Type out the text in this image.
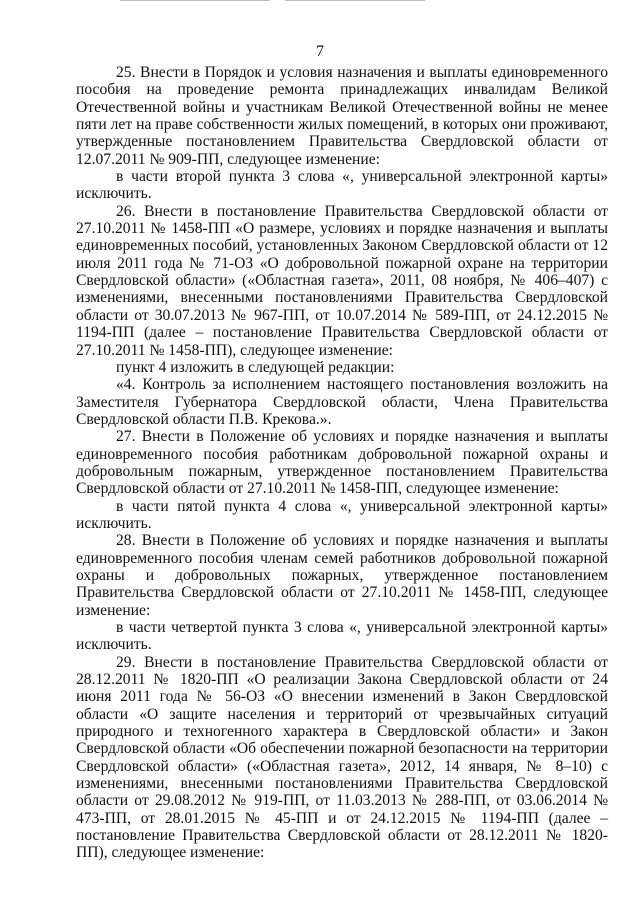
7

25. Внести в Порядок и условия назначения и выплаты единовременного пособия на проведение ремонта принадлежащих инвалидам Великой Отечественной войны и участникам Великой Отечественной войны не менее пяти лет на праве собственности жилых помещений, в которых они проживают, утвержденные постановлением Правительства Свердловской области от 12.07.2011 № 909-ПП, следующее изменение:

в части второй пункта 3 слова «, универсальной электронной карты» исключить.

26. Внести в постановление Правительства Свердловской области от 27.10.2011 № 1458-ПП «О размере, условиях и порядке назначения и выплаты единовременных пособий, установленных Законом Свердловской области от 12 июля 2011 года № 71-ОЗ «О добровольной пожарной охране на территории Свердловской области» («Областная газета», 2011, 08 ноября, № 406–407) с изменениями, внесенными постановлениями Правительства Свердловской области от 30.07.2013 № 967-ПП, от 10.07.2014 № 589-ПП, от 24.12.2015 № 1194-ПП (далее – постановление Правительства Свердловской области от 27.10.2011 № 1458-ПП), следующее изменение:

пункт 4 изложить в следующей редакции:

«4. Контроль за исполнением настоящего постановления возложить на Заместителя Губернатора Свердловской области, Члена Правительства Свердловской области П.В. Крекова.».

27. Внести в Положение об условиях и порядке назначения и выплаты единовременного пособия работникам добровольной пожарной охраны и добровольным пожарным, утвержденное постановлением Правительства Свердловской области от 27.10.2011 № 1458-ПП, следующее изменение:

в части пятой пункта 4 слова «, универсальной электронной карты» исключить.

28. Внести в Положение об условиях и порядке назначения и выплаты единовременного пособия членам семей работников добровольной пожарной охраны и добровольных пожарных, утвержденное постановлением Правительства Свердловской области от 27.10.2011 № 1458-ПП, следующее изменение:

в части четвертой пункта 3 слова «, универсальной электронной карты» исключить.

29. Внести в постановление Правительства Свердловской области от 28.12.2011 № 1820-ПП «О реализации Закона Свердловской области от 24 июня 2011 года № 56-ОЗ «О внесении изменений в Закон Свердловской области «О защите населения и территорий от чрезвычайных ситуаций природного и техногенного характера в Свердловской области» и Закон Свердловской области «Об обеспечении пожарной безопасности на территории Свердловской области» («Областная газета», 2012, 14 января, № 8–10) с изменениями, внесенными постановлениями Правительства Свердловской области от 29.08.2012 № 919-ПП, от 11.03.2013 № 288-ПП, от 03.06.2014 № 473-ПП, от 28.01.2015 № 45-ПП и от 24.12.2015 № 1194-ПП (далее – постановление Правительства Свердловской области от 28.12.2011 № 1820-ПП), следующее изменение:
